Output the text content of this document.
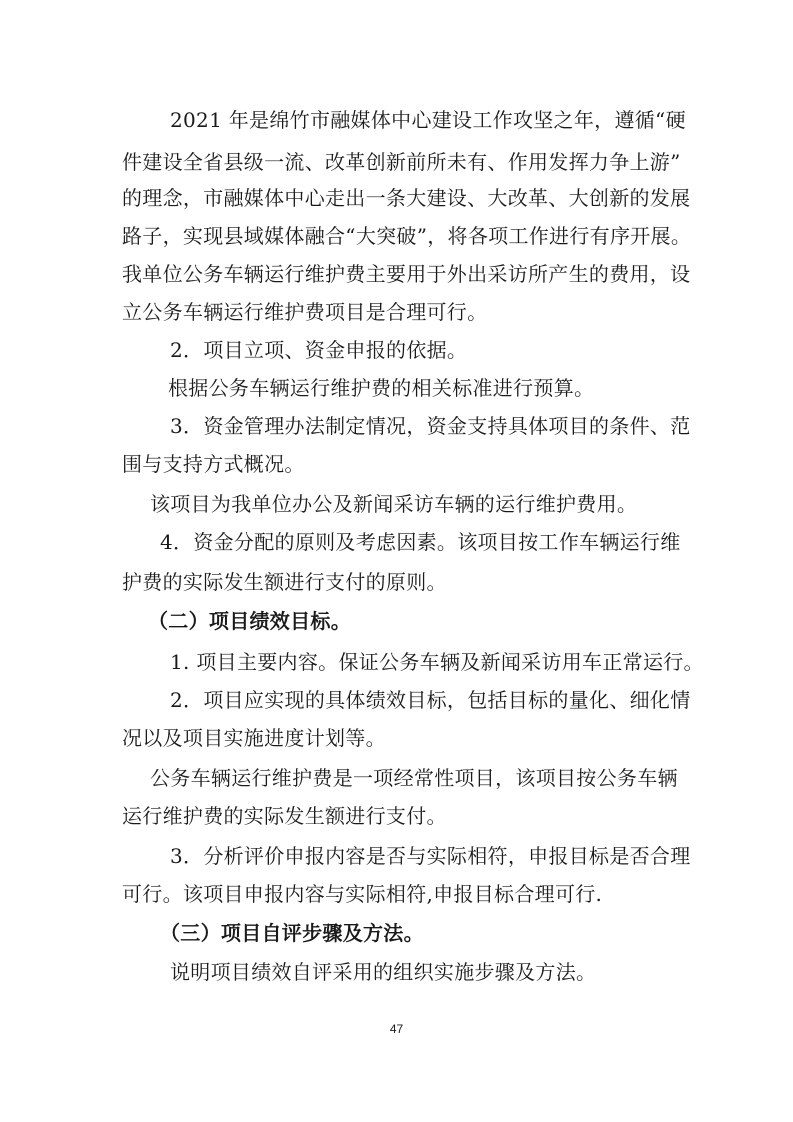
2021 年是绵竹市融媒体中心建设工作攻坚之年，遵循“硬
件建设全省县级一流、改革创新前所未有、作用发挥力争上游”
的理念，市融媒体中心走出一条大建设、大改革、大创新的发展
路子，实现县域媒体融合“大突破”，将各项工作进行有序开展。
我单位公务车辆运行维护费主要用于外出采访所产生的费用，设
立公务车辆运行维护费项目是合理可行。
2．项目立项、资金申报的依据。
根据公务车辆运行维护费的相关标准进行预算。
3．资金管理办法制定情况，资金支持具体项目的条件、范
围与支持方式概况。
该项目为我单位办公及新闻采访车辆的运行维护费用。
4．资金分配的原则及考虑因素。该项目按工作车辆运行维
护费的实际发生额进行支付的原则。
（二）项目绩效目标。
1. 项目主要内容。保证公务车辆及新闻采访用车正常运行。
2．项目应实现的具体绩效目标，包括目标的量化、细化情
况以及项目实施进度计划等。
公务车辆运行维护费是一项经常性项目，该项目按公务车辆
运行维护费的实际发生额进行支付。
3．分析评价申报内容是否与实际相符，申报目标是否合理
可行。该项目申报内容与实际相符,申报目标合理可行.
（三）项目自评步骤及方法。
说明项目绩效自评采用的组织实施步骤及方法。
47
